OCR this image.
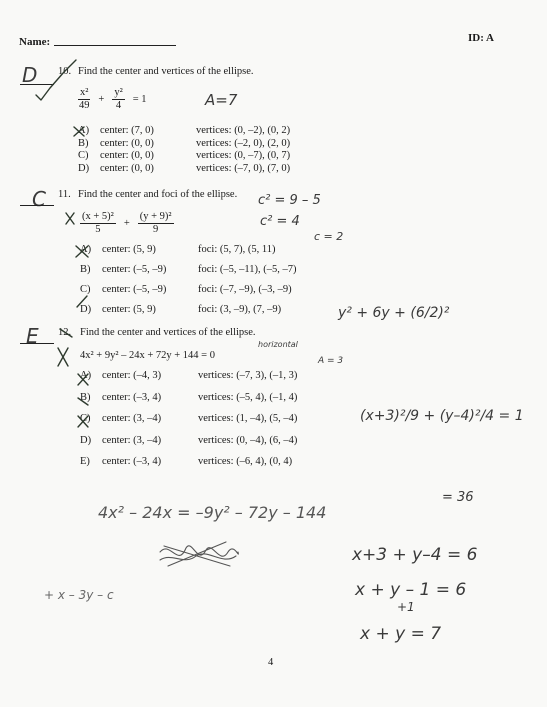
Name:	ID: A
D 10. Find the center and vertices of the ellipse.
$\frac{\text{x²}}{49} + \frac{\text{y²}}{4} = 1$	A=7
A) center: (7, 0)	vertices: (0, –2), (0, 2)
B) center: (0, 0)	vertices: (–2, 0), (2, 0)
C) center: (0, 0)	vertices: (0, –7), (0, 7)
D) center: (0, 0)	vertices: (–7, 0), (7, 0)
C 11. Find the center and foci of the ellipse.
$\frac{\text{(x + 5)²}}{5} + \frac{\text{(y + 9)²}}{9}$
c² = 9 – 5
c² = 4
c = 2
A) center: (5, 9)	foci: (5, 7), (5, 11)
B) center: (–5, –9)	foci: (–5, –11), (–5, –7)
C) center: (–5, –9)	foci: (–7, –9), (–3, –9)
D) center: (5, 9)	foci: (3, –9), (7, –9)
E 12. Find the center and vertices of the ellipse.
4x² + 9y² – 24x + 72y + 144 = 0
horizontal
y² + 6y + (6/2)²
A = 3
(x+3)²/9 + (y–4)²/4 = 1
= 36
A) center: (–4, 3)	vertices: (–7, 3), (–1, 3)
B) center: (–3, 4)	vertices: (–5, 4), (–1, 4)
C) center: (3, –4)	vertices: (1, –4), (5, –4)
D) center: (3, –4)	vertices: (0, –4), (6, –4)
E) center: (–3, 4)	vertices: (–6, 4), (0, 4)
4x² – 24x = –9y² – 72y – 144
x+3 + y–4 = 6
x + y – 1 = 6
+1
x + y = 7
+ x – 3y – c
4
